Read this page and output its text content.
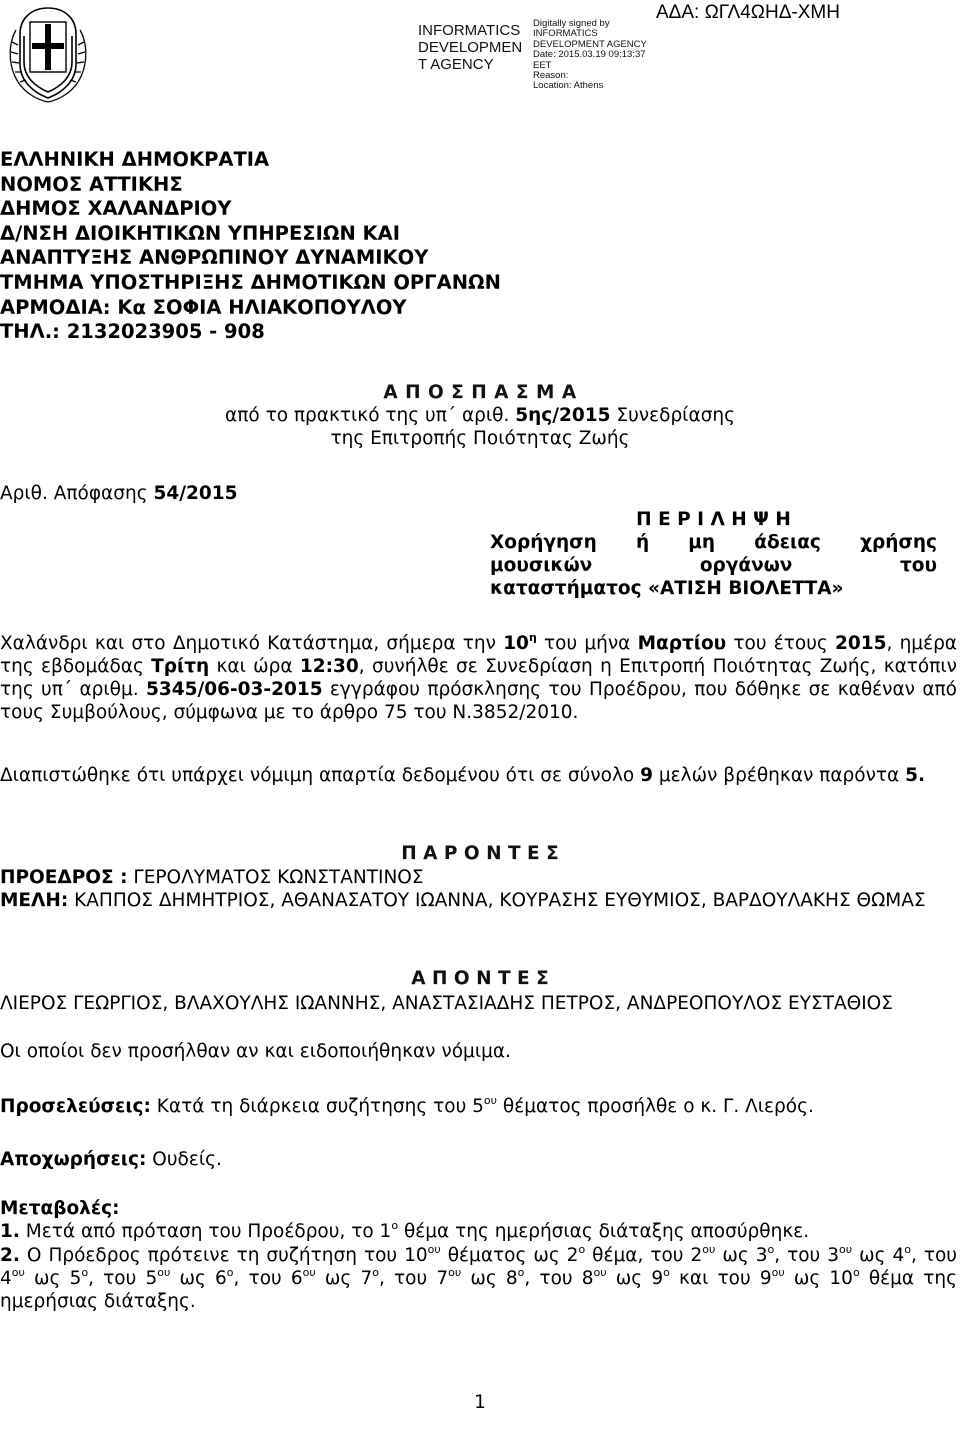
ΑΔΑ: ΩΓΛ4ΩΗΔ-ΧΜΗ
INFORMATICS
DEVELOPMEN
T AGENCY
Digitally signed by
INFORMATICS
DEVELOPMENT AGENCY
Date: 2015.03.19 09:13:37
EET
Reason:
Location: Athens
ΕΛΛΗΝΙΚΗ ΔΗΜΟΚΡΑΤΙΑ
ΝΟΜΟΣ ΑΤΤΙΚΗΣ
ΔΗΜΟΣ ΧΑΛΑΝΔΡΙΟΥ
Δ/ΝΣΗ ΔΙΟΙΚΗΤΙΚΩΝ ΥΠΗΡΕΣΙΩΝ ΚΑΙ
ΑΝΑΠΤΥΞΗΣ ΑΝΘΡΩΠΙΝΟΥ ΔΥΝΑΜΙΚΟΥ
ΤΜΗΜΑ ΥΠΟΣΤΗΡΙΞΗΣ ΔΗΜΟΤΙΚΩΝ ΟΡΓΑΝΩΝ
ΑΡΜΟΔΙΑ: Κα ΣΟΦΙΑ ΗΛΙΑΚΟΠΟΥΛΟΥ
ΤΗΛ.: 2132023905 - 908
Α Π Ο Σ Π Α Σ Μ Α
από το πρακτικό της υπ΄ αριθ. 5ης/2015 Συνεδρίασης
της Επιτροπής Ποιότητας Ζωής
Αριθ. Απόφασης 54/2015
Π Ε Ρ Ι Λ Η Ψ Η
Χορήγηση ή μη άδειας χρήσης
μουσικών οργάνων του
καταστήματος «ΑΤΙΣΗ ΒΙΟΛΕΤΤΑ»
Χαλάνδρι και στο Δημοτικό Κατάστημα, σήμερα την $10^\eta$ του μήνα Μαρτίου του έτους 2015, ημέρα της εβδομάδας Τρίτη και ώρα 12:30, συνήλθε σε Συνεδρίαση η Επιτροπή Ποιότητας Ζωής, κατόπιν της υπ΄ αριθμ. 5345/06-03-2015 εγγράφου πρόσκλησης του Προέδρου, που δόθηκε σε καθέναν από τους Συμβούλους, σύμφωνα με το άρθρο 75 του Ν.3852/2010.
Διαπιστώθηκε ότι υπάρχει νόμιμη απαρτία δεδομένου ότι σε σύνολο 9 μελών βρέθηκαν παρόντα 5.
Π Α Ρ Ο Ν Τ Ε Σ
ΠΡΟΕΔΡΟΣ : ΓΕΡΟΛΥΜΑΤΟΣ ΚΩΝΣΤΑΝΤΙΝΟΣ
ΜΕΛΗ: ΚΑΠΠΟΣ ΔΗΜΗΤΡΙΟΣ, ΑΘΑΝΑΣΑΤΟΥ ΙΩΑΝΝΑ, ΚΟΥΡΑΣΗΣ ΕΥΘΥΜΙΟΣ, ΒΑΡΔΟΥΛΑΚΗΣ ΘΩΜΑΣ
Α Π Ο Ν Τ Ε Σ
ΛΙΕΡΟΣ ΓΕΩΡΓΙΟΣ, ΒΛΑΧΟΥΛΗΣ ΙΩΑΝΝΗΣ, ΑΝΑΣΤΑΣΙΑΔΗΣ ΠΕΤΡΟΣ, ΑΝΔΡΕΟΠΟΥΛΟΣ ΕΥΣΤΑΘΙΟΣ
Οι οποίοι δεν προσήλθαν αν και ειδοποιήθηκαν νόμιμα.
Προσελεύσεις: Κατά τη διάρκεια συζήτησης του $5^{o\upsilon}$ θέματος προσήλθε ο κ. Γ. Λιερός.
Αποχωρήσεις: Ουδείς.
Μεταβολές:
1. Μετά από πρόταση του Προέδρου, το $1^o$ θέμα της ημερήσιας διάταξης αποσύρθηκε.
2. Ο Πρόεδρος πρότεινε τη συζήτηση του $10^{o\upsilon}$ θέματος ως $2^o$ θέμα, του $2^{o\upsilon}$ ως $3^o$, του $3^{o\upsilon}$ ως $4^o$, του $4^{o\upsilon}$ ως $5^o$, του $5^{o\upsilon}$ ως $6^o$, του $6^{o\upsilon}$ ως $7^o$, του $7^{o\upsilon}$ ως $8^o$, του $8^{o\upsilon}$ ως $9^o$ και του $9^{o\upsilon}$ ως $10^o$ θέμα της ημερήσιας διάταξης.
1
